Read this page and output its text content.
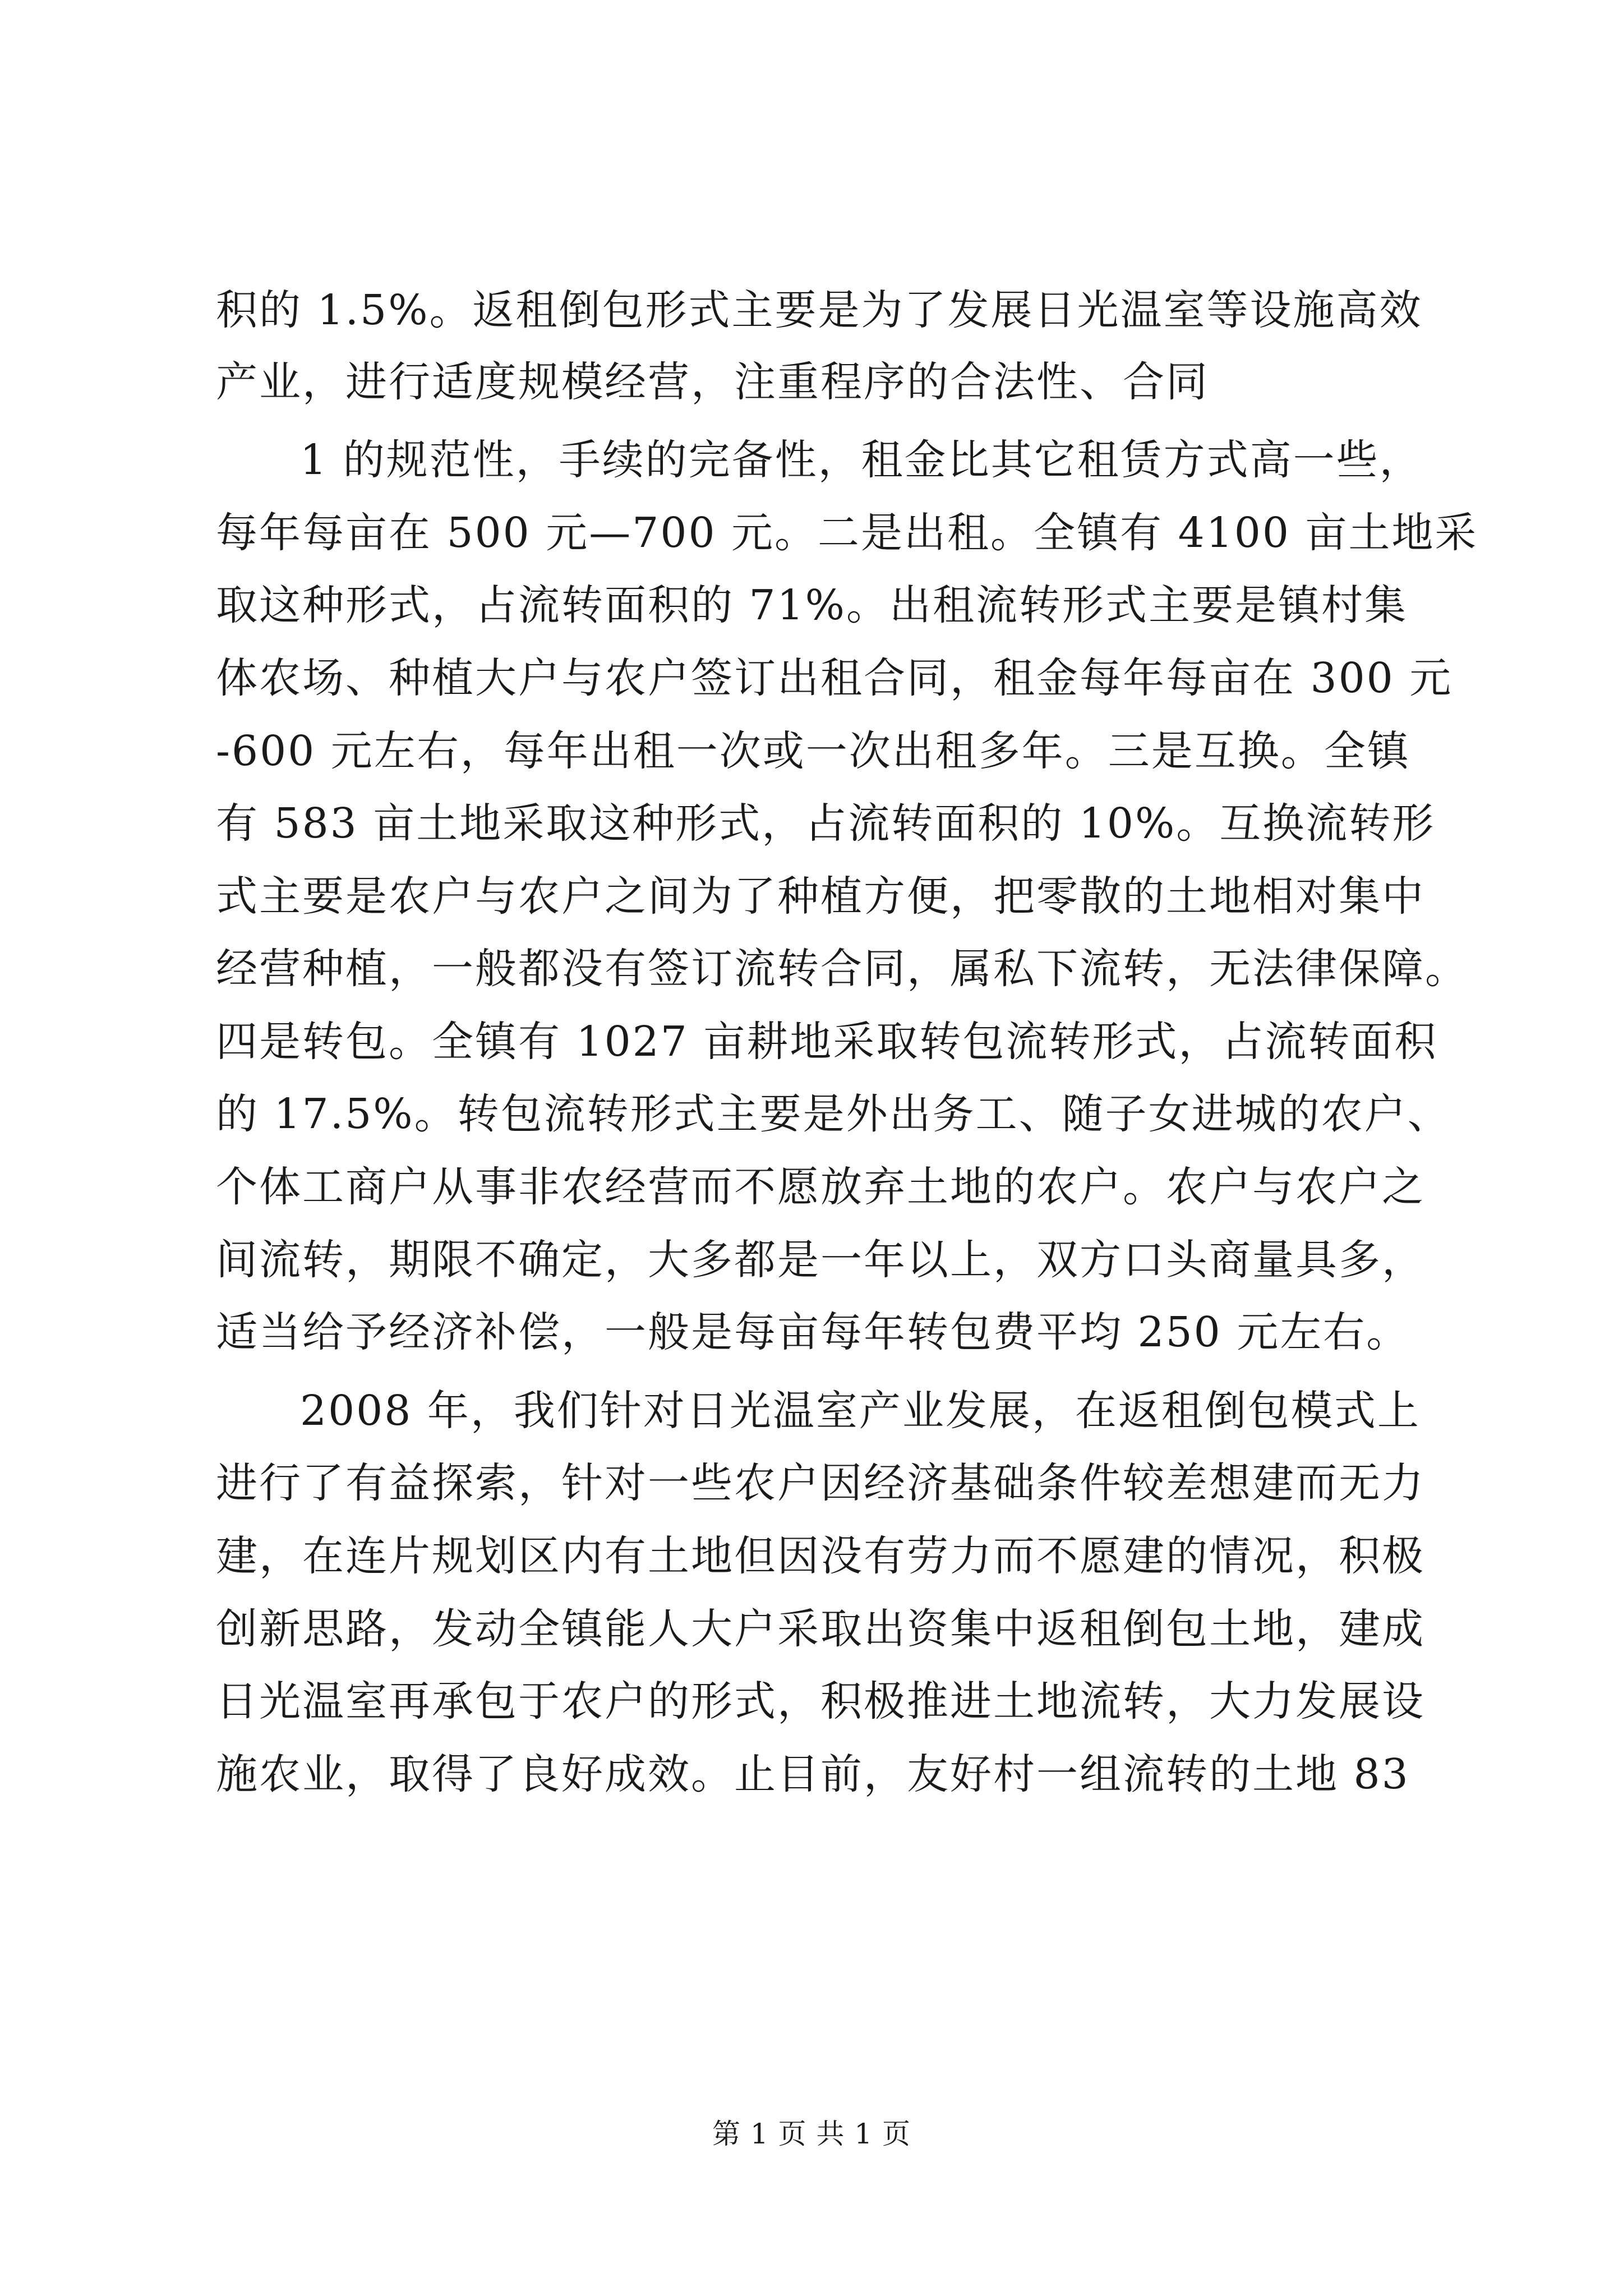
积的 1.5%。返租倒包形式主要是为了发展日光温室等设施高效
产业，进行适度规模经营，注重程序的合法性、合同
1 的规范性，手续的完备性，租金比其它租赁方式高一些，
每年每亩在 500 元—700 元。二是出租。全镇有 4100 亩土地采
取这种形式，占流转面积的 71%。出租流转形式主要是镇村集
体农场、种植大户与农户签订出租合同，租金每年每亩在 300 元
-600 元左右，每年出租一次或一次出租多年。三是互换。全镇
有 583 亩土地采取这种形式，占流转面积的 10%。互换流转形
式主要是农户与农户之间为了种植方便，把零散的土地相对集中
经营种植，一般都没有签订流转合同，属私下流转，无法律保障。
四是转包。全镇有 1027 亩耕地采取转包流转形式，占流转面积
的 17.5%。转包流转形式主要是外出务工、随子女进城的农户、
个体工商户从事非农经营而不愿放弃土地的农户。农户与农户之
间流转，期限不确定，大多都是一年以上，双方口头商量具多，
适当给予经济补偿，一般是每亩每年转包费平均 250 元左右。
2008 年，我们针对日光温室产业发展，在返租倒包模式上
进行了有益探索，针对一些农户因经济基础条件较差想建而无力
建，在连片规划区内有土地但因没有劳力而不愿建的情况，积极
创新思路，发动全镇能人大户采取出资集中返租倒包土地，建成
日光温室再承包于农户的形式，积极推进土地流转，大力发展设
施农业，取得了良好成效。止目前，友好村一组流转的土地 83
第 1 页 共 1 页
